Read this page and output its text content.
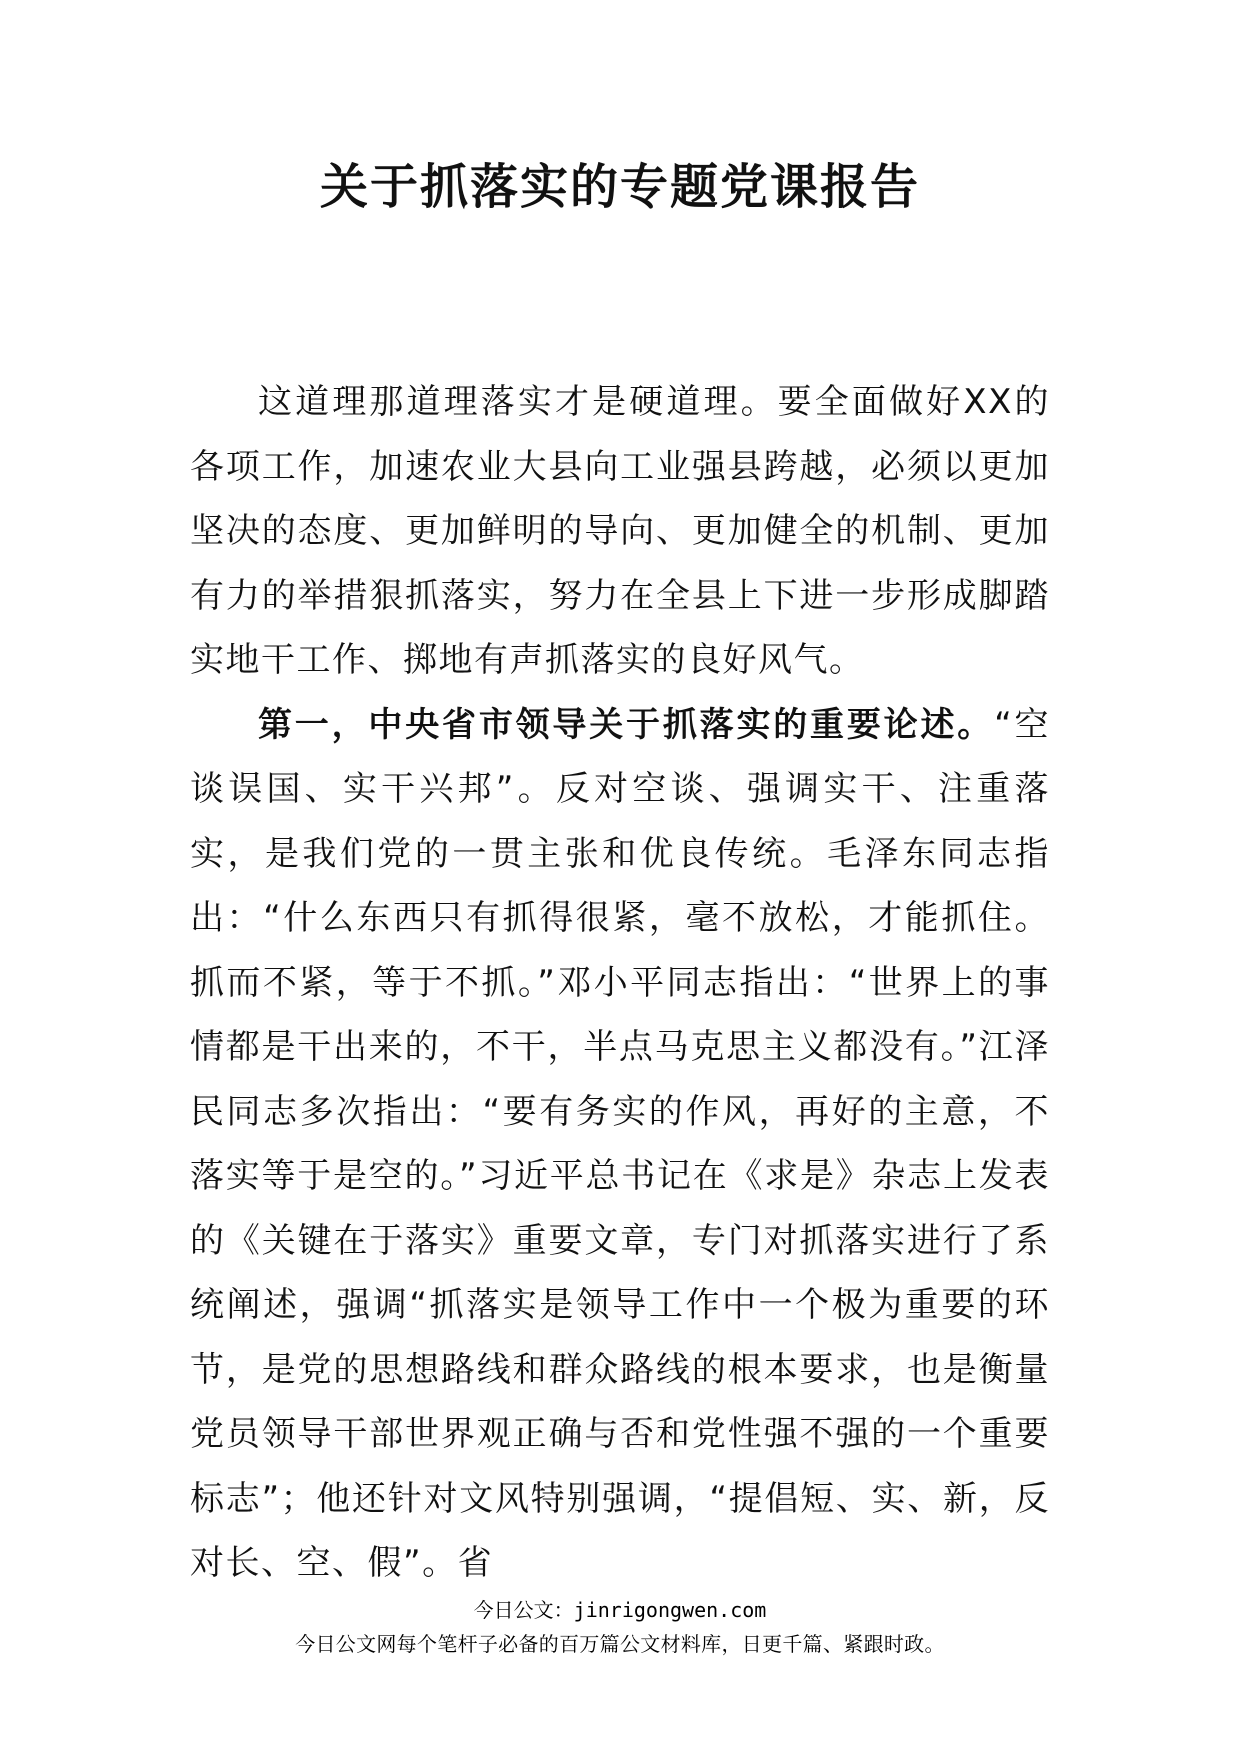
关于抓落实的专题党课报告

这道理那道理落实才是硬道理。要全面做好XX的各项工作，加速农业大县向工业强县跨越，必须以更加坚决的态度、更加鲜明的导向、更加健全的机制、更加有力的举措狠抓落实，努力在全县上下进一步形成脚踏实地干工作、掷地有声抓落实的良好风气。

第一，中央省市领导关于抓落实的重要论述。“空谈误国、实干兴邦”。反对空谈、强调实干、注重落实，是我们党的一贯主张和优良传统。毛泽东同志指出：“什么东西只有抓得很紧，毫不放松，才能抓住。抓而不紧，等于不抓。”邓小平同志指出：“世界上的事情都是干出来的，不干，半点马克思主义都没有。”江泽民同志多次指出：“要有务实的作风，再好的主意，不落实等于是空的。”习近平总书记在《求是》杂志上发表的《关键在于落实》重要文章，专门对抓落实进行了系统阐述，强调“抓落实是领导工作中一个极为重要的环节，是党的思想路线和群众路线的根本要求，也是衡量党员领导干部世界观正确与否和党性强不强的一个重要标志”；他还针对文风特别强调，“提倡短、实、新，反对长、空、假”。省

今日公文：jinrigongwen.com
今日公文网每个笔杆子必备的百万篇公文材料库，日更千篇、紧跟时政。
